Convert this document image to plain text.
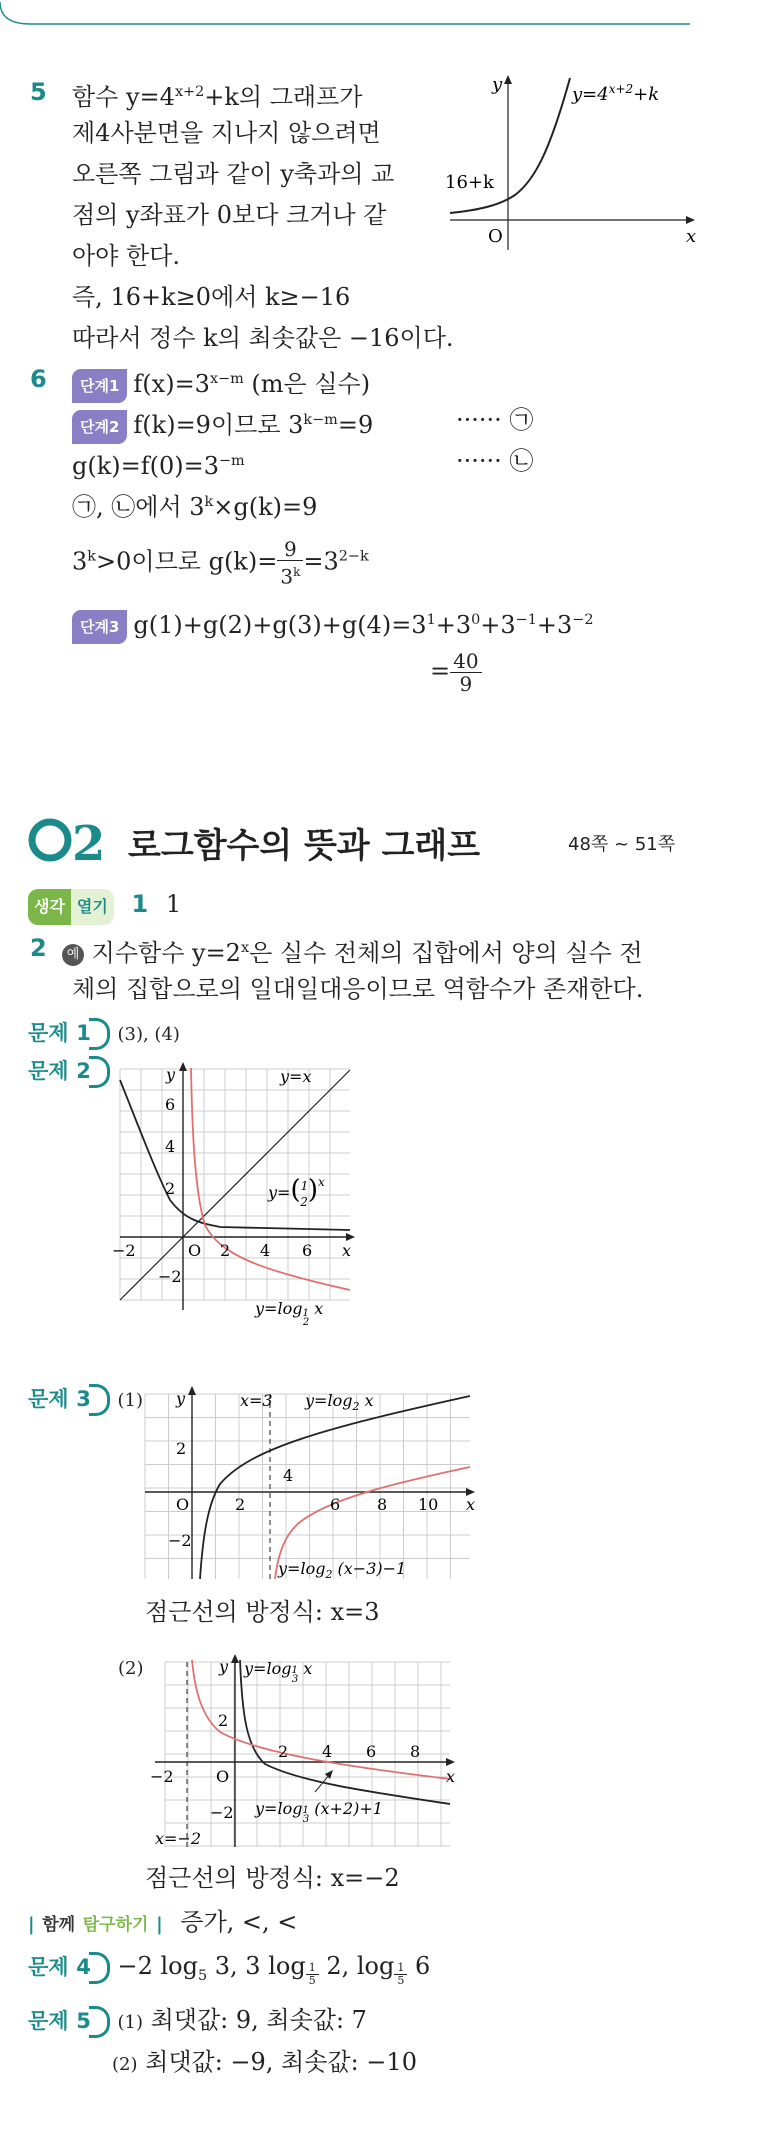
5 함수 $y=4^{x+2}+k$의 그래프가
제4사분면을 지나지 않으려면
오른쪽 그림과 같이 y축과의 교
점의 y좌표가 0보다 크거나 같
아야 한다.
즉, 16+k≥0에서 k≥−16
따라서 정수 k의 최솟값은 −16이다.
y
x
O
16+k
$y=4^{x+2}+k$
6	단계1 $f(x)=3^{x-m}$ (m은 실수)
단계2 f(k)=9이므로 $3^{k-m}=9$	······ ㉠
$g(k)=f(0)=3^{-m}$	······ ㉡
㉠, ㉡에서 $3^k\times g(k)=9$
$3^k>0$이므로 $g(k)= \frac{9}{3^k} =3^{2-k}$
단계3 $g(1)+g(2)+g(3)+g(4)=3^1+3^0+3^{-1}+3^{-2}$
= $\frac{40}{9}$
2 로그함수의 뜻과 그래프	48쪽 ~ 51쪽
생각 열기 1 1
2	예 지수함수 $y=2^x$은 실수 전체의 집합에서 양의 실수 전
체의 집합으로의 일대일대응이므로 역함수가 존재한다.
문제 1 (3), (4)
문제 2	y
x
O
6
4
2
−2
−2	2 4 6
y=x
y=($^1$ 2)$^x$
y=log1 2 x
문제 3 (1) y
x
O
2
−2
2
4
6 8 10
x=3 $y=\log_2$ x
$y=\log_2$ (x−3)−1
점근선의 방정식: x=3
(2)	y
x
O
2
−2
−2
2 4 6 8
y=log1 3 x
y=log1 3 (x+2)+1
x=−2
점근선의 방정식: x=−2
| 함께 탐구하기 | 증가, <, <
문제 4 −2 $\log_5 3$, 3 $\log \frac{1}{5} 2$, $\log \frac{1}{5} 6$
문제 5 (1) 최댓값: 9, 최솟값: 7
(2) 최댓값: −9, 최솟값: −10
